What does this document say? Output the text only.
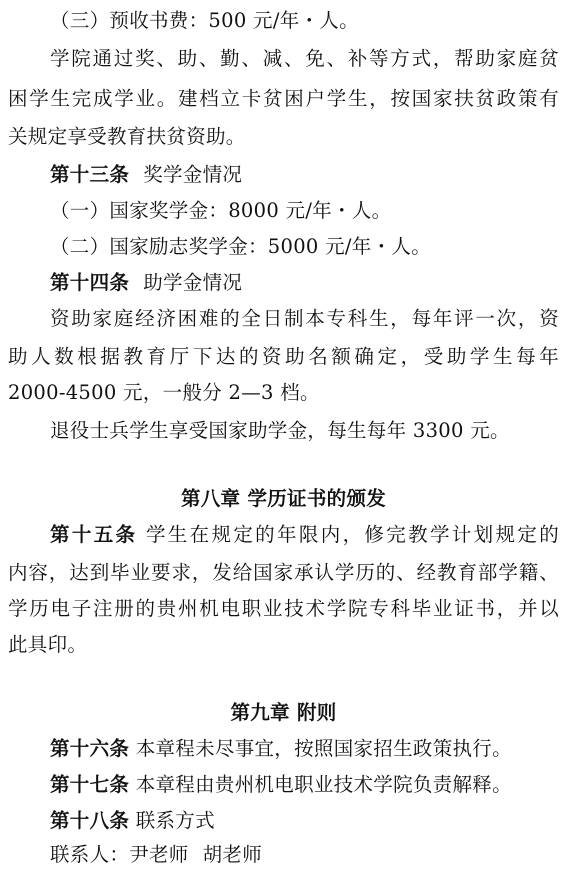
（三）预收书费：500 元/年・人。
学院通过奖、助、勤、减、免、补等方式，帮助家庭贫
困学生完成学业。建档立卡贫困户学生，按国家扶贫政策有
关规定享受教育扶贫资助。
第十三条 奖学金情况
（一）国家奖学金：8000 元/年・人。
（二）国家励志奖学金：5000 元/年・人。
第十四条 助学金情况
资助家庭经济困难的全日制本专科生，每年评一次，资
助人数根据教育厅下达的资助名额确定，受助学生每年
2000-4500 元，一般分 2—3 档。
退役士兵学生享受国家助学金，每生每年 3300 元。
第八章 学历证书的颁发
第十五条 学生在规定的年限内，修完教学计划规定的
内容，达到毕业要求，发给国家承认学历的、经教育部学籍、
学历电子注册的贵州机电职业技术学院专科毕业证书，并以
此具印。
第九章 附则
第十六条 本章程未尽事宜，按照国家招生政策执行。
第十七条 本章程由贵州机电职业技术学院负责解释。
第十八条 联系方式
联系人：尹老师 胡老师
